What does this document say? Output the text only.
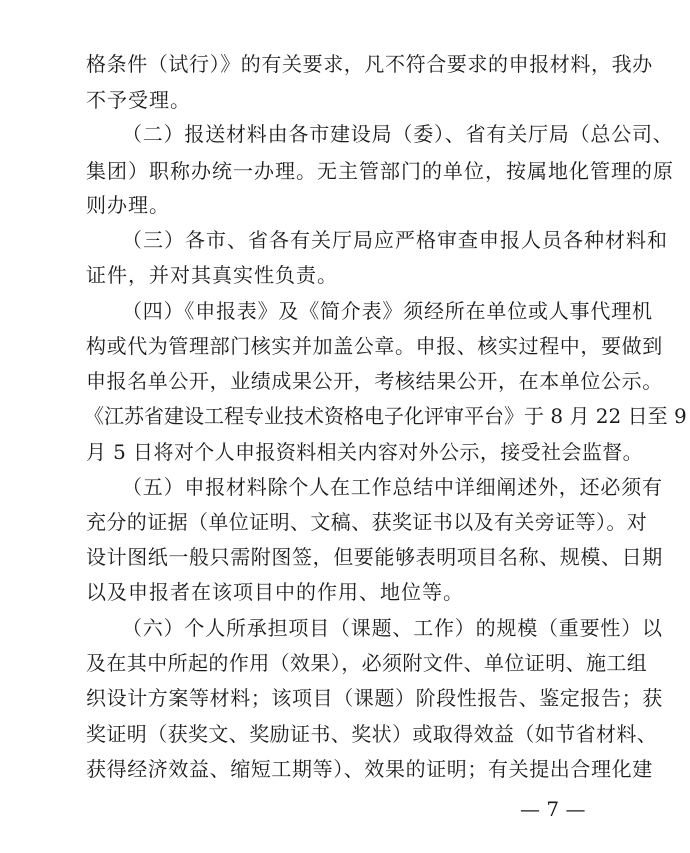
格条件（试行）》的有关要求，凡不符合要求的申报材料，我办
不予受理。
（二）报送材料由各市建设局（委）、省有关厅局（总公司、
集团）职称办统一办理。无主管部门的单位，按属地化管理的原
则办理。
（三）各市、省各有关厅局应严格审查申报人员各种材料和
证件，并对其真实性负责。
（四）《申报表》及《简介表》须经所在单位或人事代理机
构或代为管理部门核实并加盖公章。申报、核实过程中，要做到
申报名单公开，业绩成果公开，考核结果公开，在本单位公示。
《江苏省建设工程专业技术资格电子化评审平台》于 8 月 22 日至 9
月 5 日将对个人申报资料相关内容对外公示，接受社会监督。
（五）申报材料除个人在工作总结中详细阐述外，还必须有
充分的证据（单位证明、文稿、获奖证书以及有关旁证等）。对
设计图纸一般只需附图签，但要能够表明项目名称、规模、日期
以及申报者在该项目中的作用、地位等。
（六）个人所承担项目（课题、工作）的规模（重要性）以
及在其中所起的作用（效果），必须附文件、单位证明、施工组
织设计方案等材料；该项目（课题）阶段性报告、鉴定报告；获
奖证明（获奖文、奖励证书、奖状）或取得效益（如节省材料、
获得经济效益、缩短工期等）、效果的证明；有关提出合理化建
— 7 —
